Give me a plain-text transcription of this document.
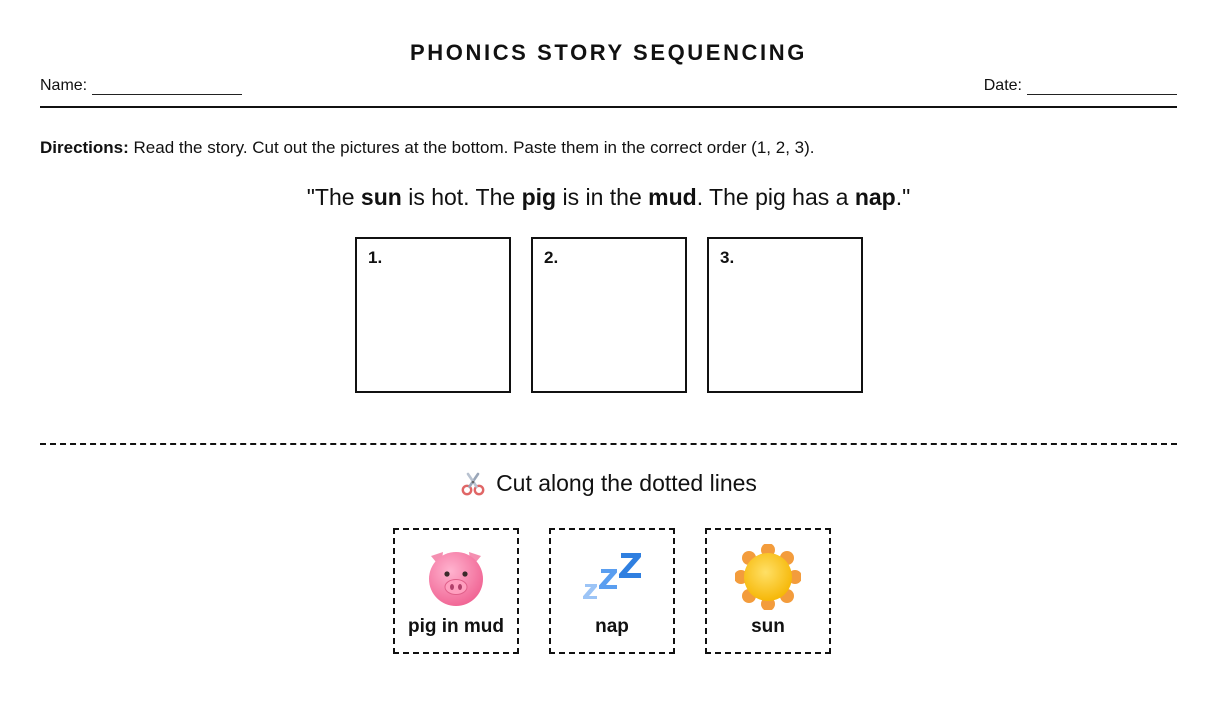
PHONICS STORY SEQUENCING
Name:	Date:
Directions: Read the story. Cut out the pictures at the bottom. Paste them in the correct order (1, 2, 3).
"The sun is hot. The pig is in the mud. The pig has a nap."
1.	2.	3.
Cut along the dotted lines
pig in mud	nap	sun
